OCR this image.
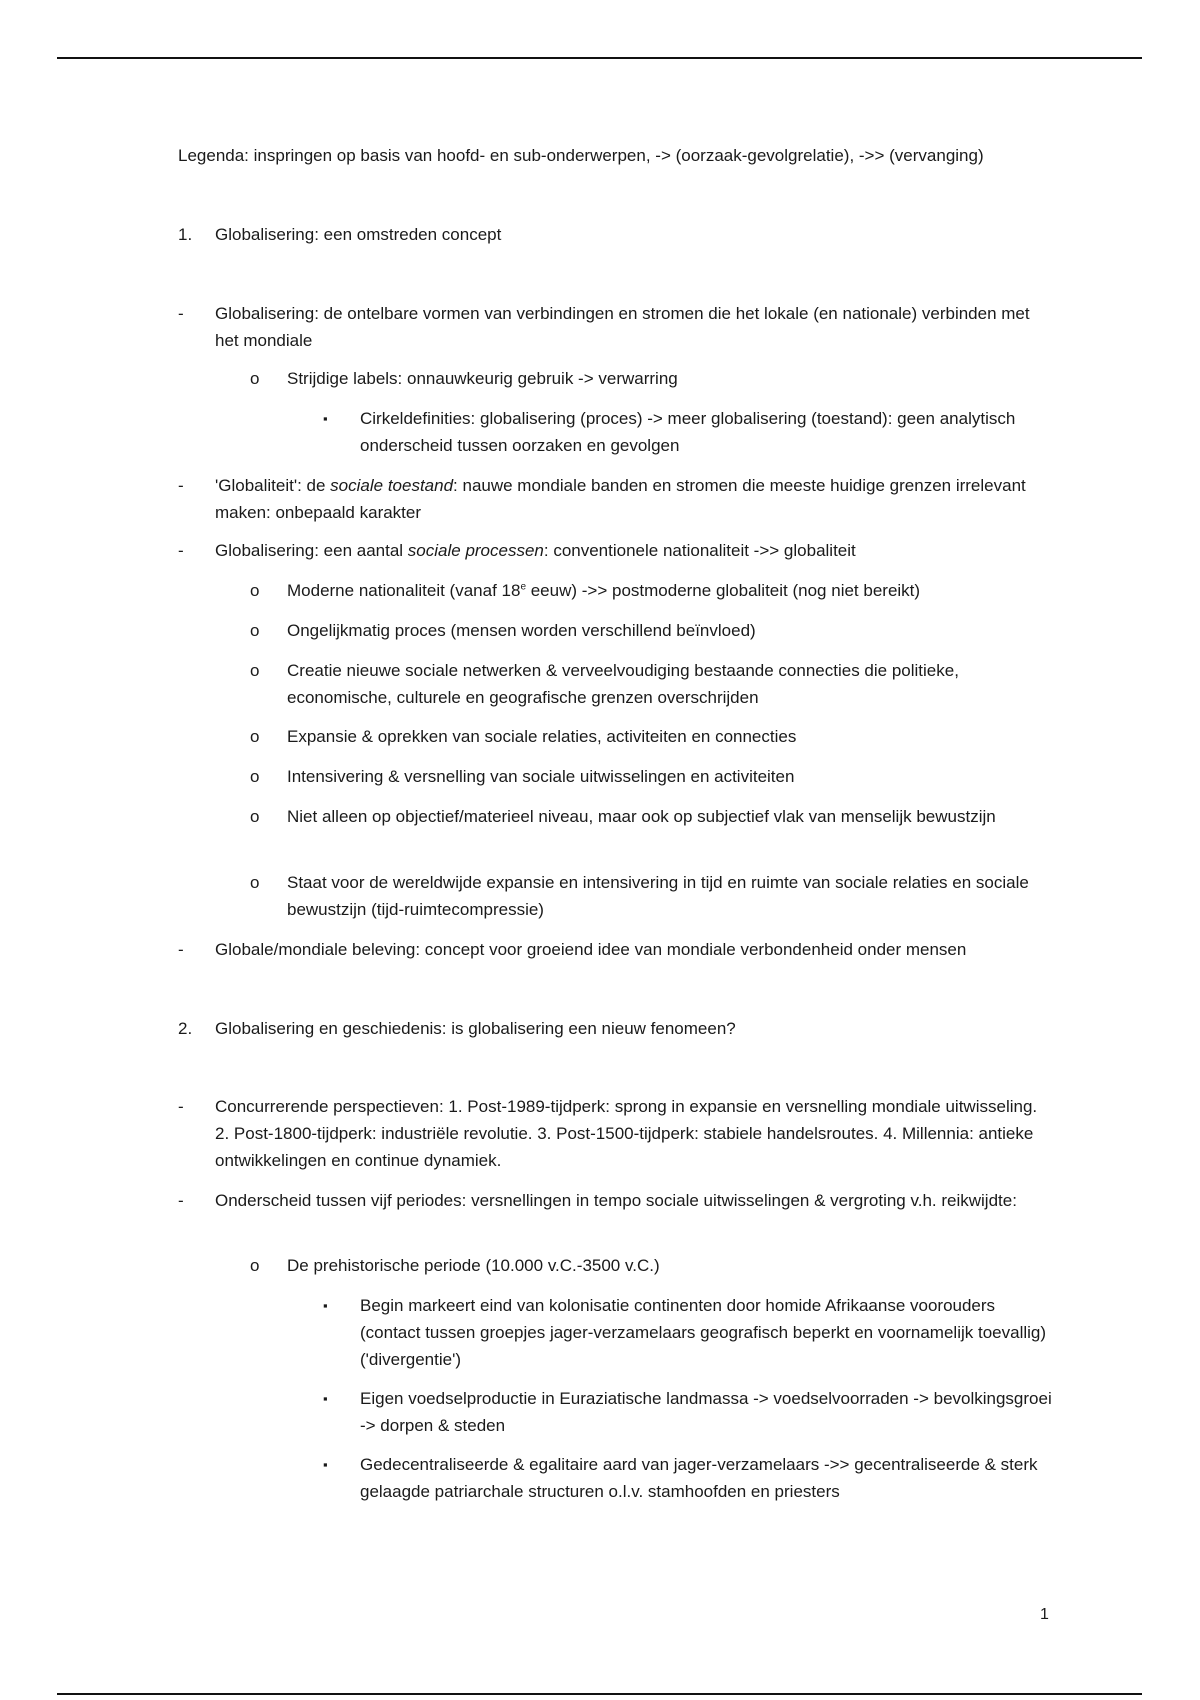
Legenda: inspringen op basis van hoofd- en sub-onderwerpen, -> (oorzaak-gevolgrelatie), ->> (vervanging)
1. Globalisering: een omstreden concept
- Globalisering: de ontelbare vormen van verbindingen en stromen die het lokale (en nationale) verbinden met het mondiale
o Strijdige labels: onnauwkeurig gebruik -> verwarring
▪ Cirkeldefinities: globalisering (proces) -> meer globalisering (toestand): geen analytisch onderscheid tussen oorzaken en gevolgen
- 'Globaliteit': de sociale toestand: nauwe mondiale banden en stromen die meeste huidige grenzen irrelevant maken: onbepaald karakter
- Globalisering: een aantal sociale processen: conventionele nationaliteit ->> globaliteit
o Moderne nationaliteit (vanaf 18e eeuw) ->> postmoderne globaliteit (nog niet bereikt)
o Ongelijkmatig proces (mensen worden verschillend beïnvloed)
o Creatie nieuwe sociale netwerken & verveelvoudiging bestaande connecties die politieke, economische, culturele en geografische grenzen overschrijden
o Expansie & oprekken van sociale relaties, activiteiten en connecties
o Intensivering & versnelling van sociale uitwisselingen en activiteiten
o Niet alleen op objectief/materieel niveau, maar ook op subjectief vlak van menselijk bewustzijn
o Staat voor de wereldwijde expansie en intensivering in tijd en ruimte van sociale relaties en sociale bewustzijn (tijd-ruimtecompressie)
- Globale/mondiale beleving: concept voor groeiend idee van mondiale verbondenheid onder mensen
2. Globalisering en geschiedenis: is globalisering een nieuw fenomeen?
- Concurrerende perspectieven: 1. Post-1989-tijdperk: sprong in expansie en versnelling mondiale uitwisseling. 2. Post-1800-tijdperk: industriële revolutie. 3. Post-1500-tijdperk: stabiele handelsroutes. 4. Millennia: antieke ontwikkelingen en continue dynamiek.
- Onderscheid tussen vijf periodes: versnellingen in tempo sociale uitwisselingen & vergroting v.h. reikwijdte:
o De prehistorische periode (10.000 v.C.-3500 v.C.)
▪ Begin markeert eind van kolonisatie continenten door homide Afrikaanse voorouders (contact tussen groepjes jager-verzamelaars geografisch beperkt en voornamelijk toevallig) ('divergentie')
▪ Eigen voedselproductie in Euraziatische landmassa -> voedselvoorraden -> bevolkingsgroei -> dorpen & steden
▪ Gedecentraliseerde & egalitaire aard van jager-verzamelaars ->> gecentraliseerde & sterk gelaagde patriarchale structuren o.l.v. stamhoofden en priesters
1
